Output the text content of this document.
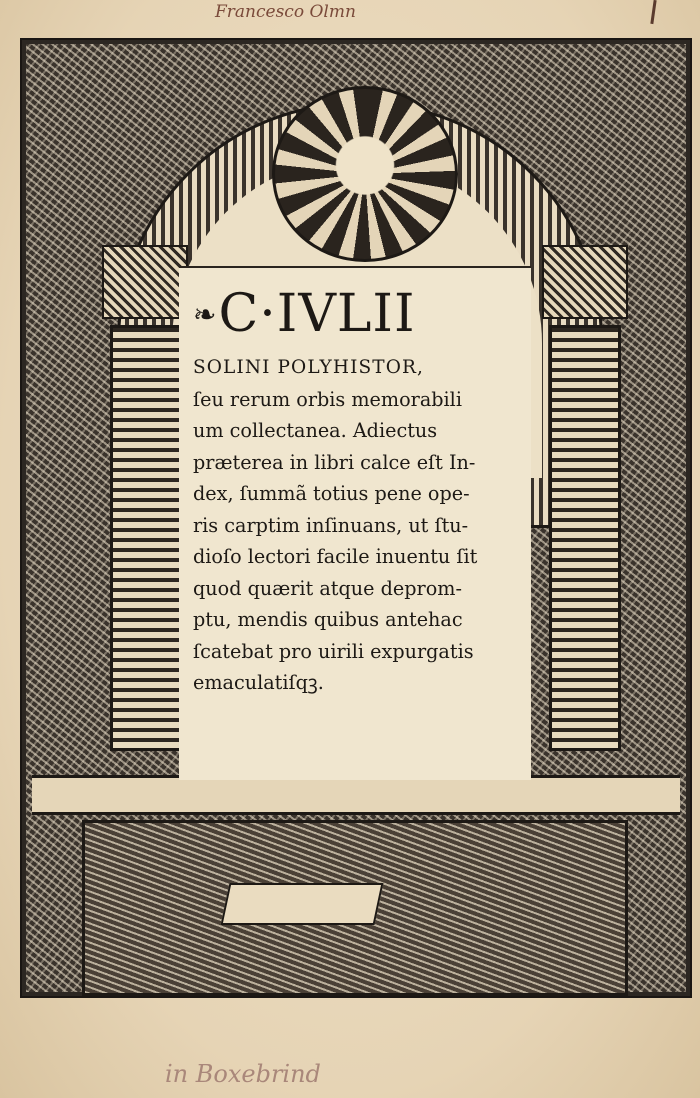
Francesco Olmn
❧ C·IVLII
SOLINI POLYHISTOR,
ſeu rerum orbis memorabili
um collectanea. Adiectus
præterea in libri calce eſt In-
dex, ſummã totius pene ope-
ris carptim inſinuans, ut ſtu-
dioſo lectori facile inuentu ſit
quod quærit atque deprom-
ptu, mendis quibus antehac
ſcatebat pro uirili expurgatis
emaculatiſqꝫ.
in Boxebrind
